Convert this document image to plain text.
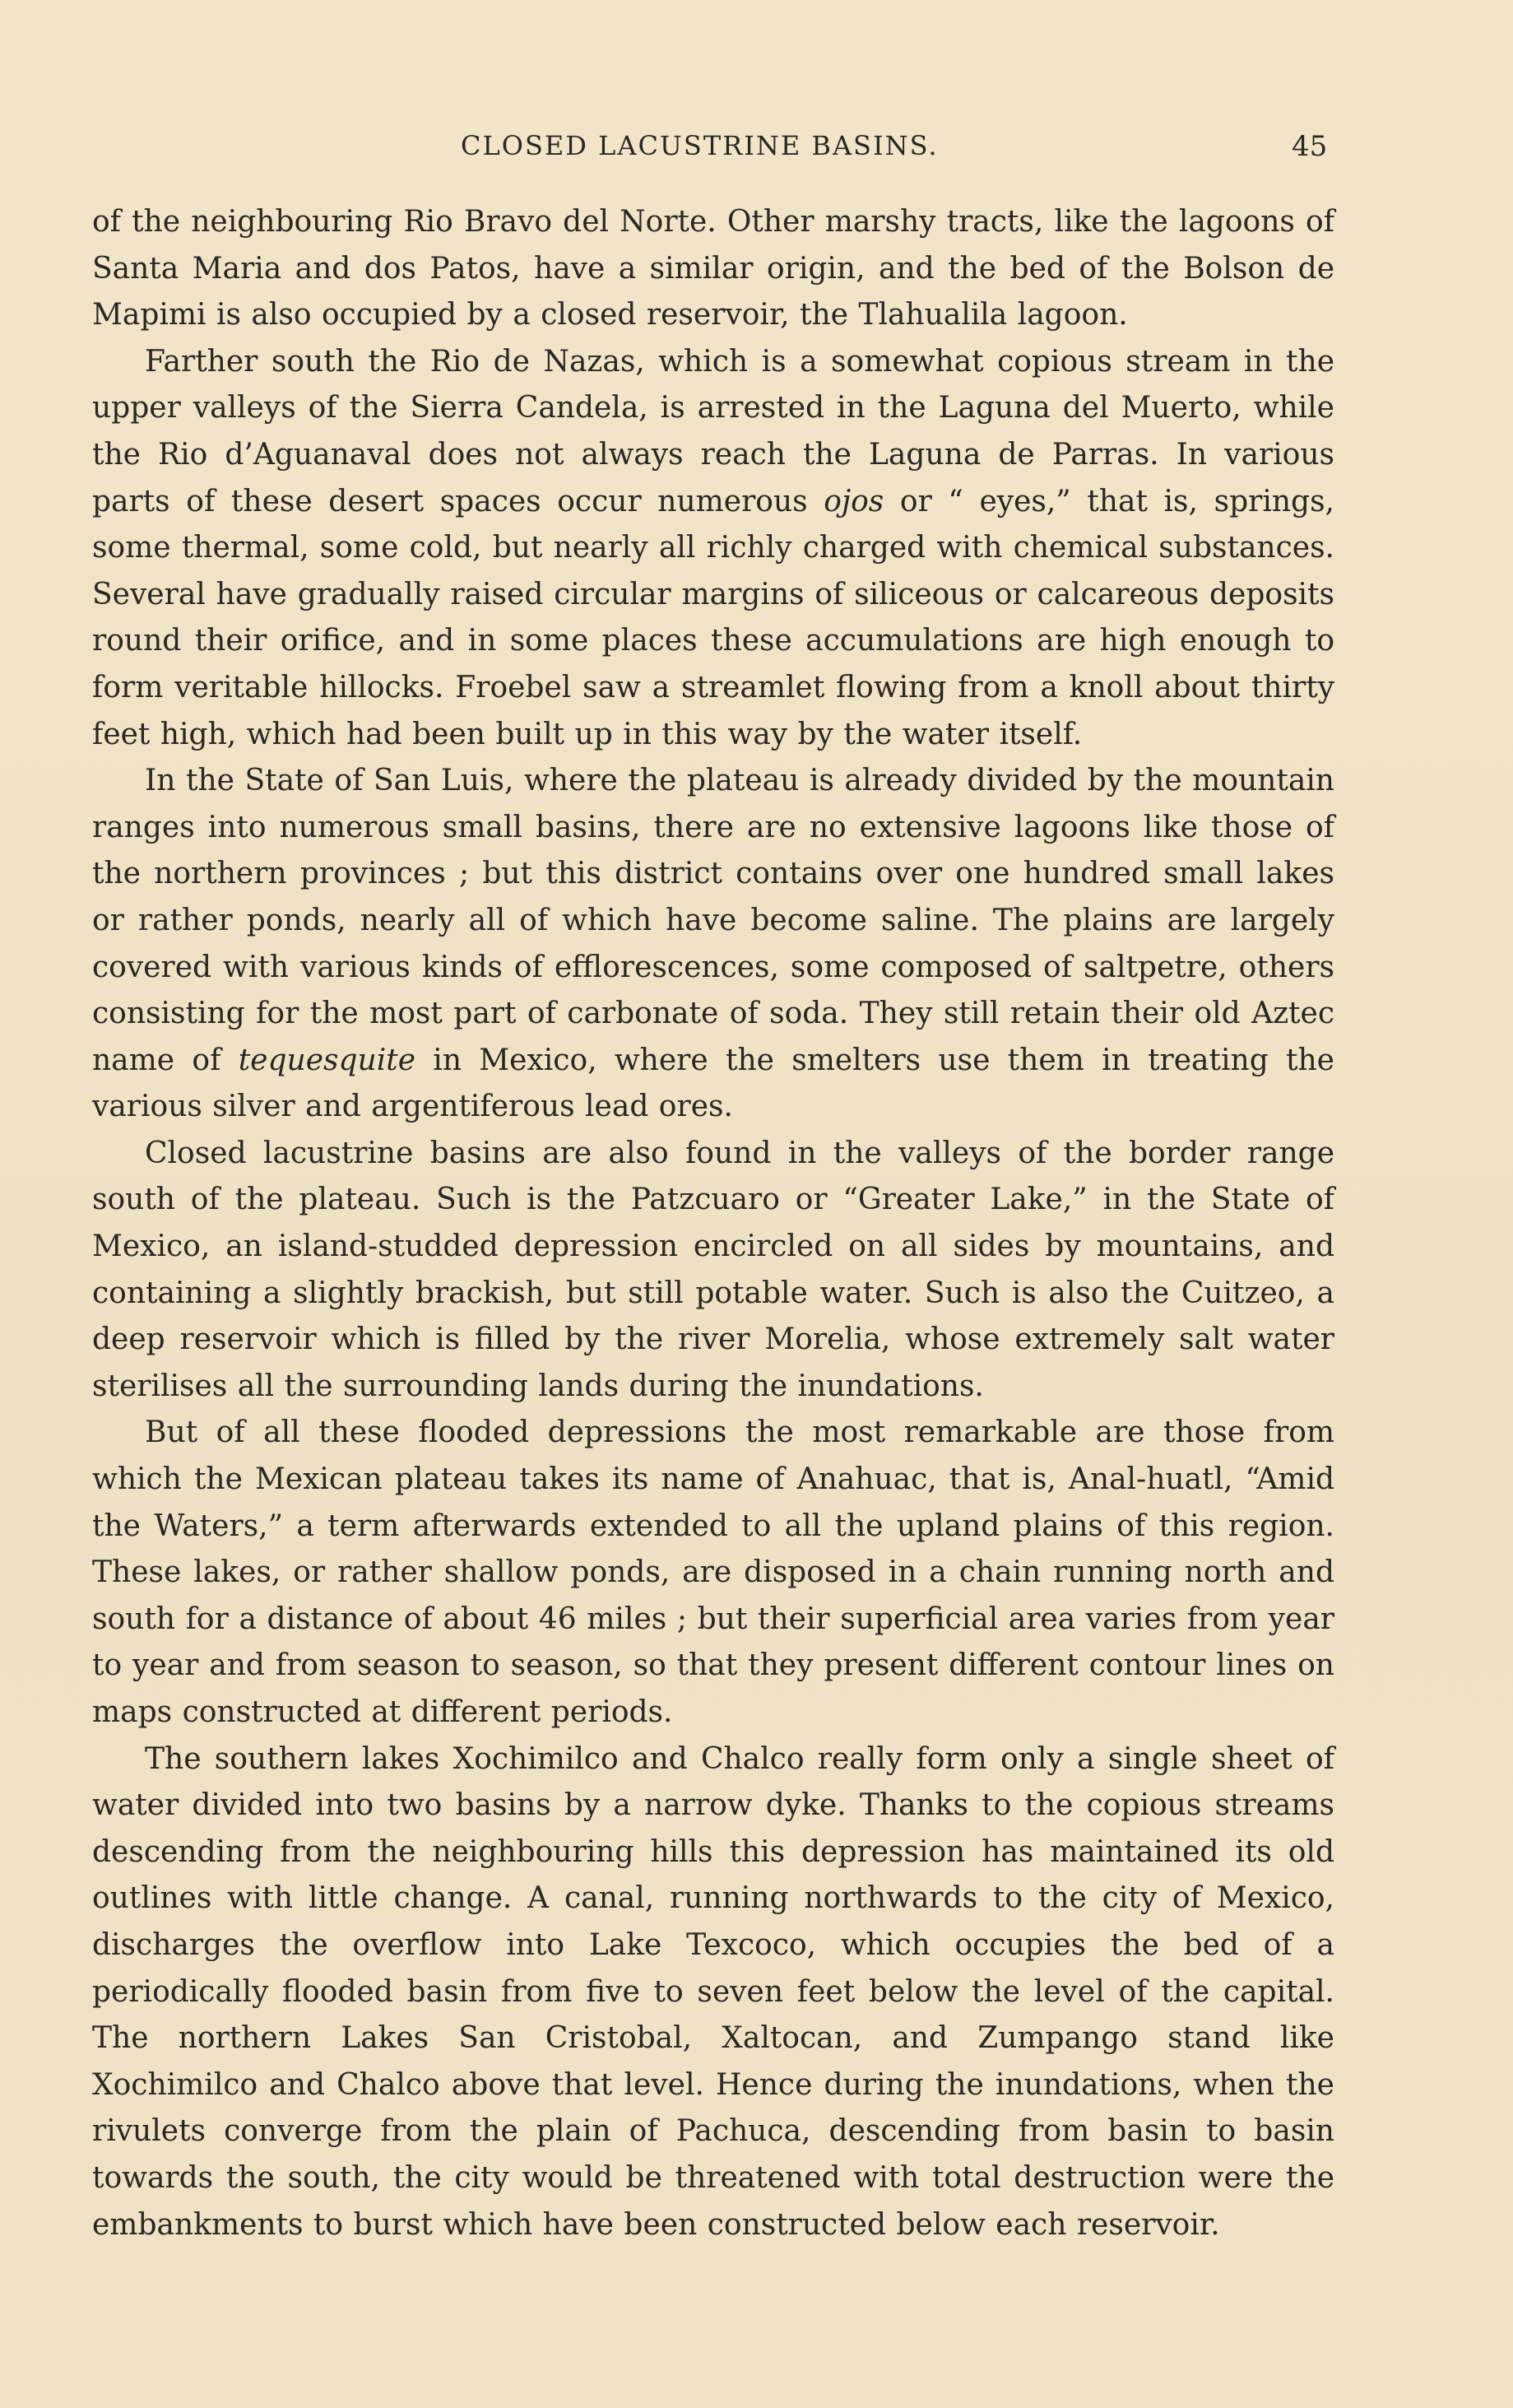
CLOSED LACUSTRINE BASINS.	45

of the neighbouring Rio Bravo del Norte. Other marshy tracts, like the lagoons of Santa Maria and dos Patos, have a similar origin, and the bed of the Bolson de Mapimi is also occupied by a closed reservoir, the Tlahualila lagoon.

Farther south the Rio de Nazas, which is a somewhat copious stream in the upper valleys of the Sierra Candela, is arrested in the Laguna del Muerto, while the Rio d’Aguanaval does not always reach the Laguna de Parras. In various parts of these desert spaces occur numerous ojos or “ eyes,” that is, springs, some thermal, some cold, but nearly all richly charged with chemical substances. Several have gradually raised circular margins of siliceous or calcareous deposits round their orifice, and in some places these accumulations are high enough to form veritable hillocks. Froebel saw a streamlet flowing from a knoll about thirty feet high, which had been built up in this way by the water itself.

In the State of San Luis, where the plateau is already divided by the mountain ranges into numerous small basins, there are no extensive lagoons like those of the northern provinces ; but this district contains over one hundred small lakes or rather ponds, nearly all of which have become saline. The plains are largely covered with various kinds of efflorescences, some composed of saltpetre, others consisting for the most part of carbonate of soda. They still retain their old Aztec name of tequesquite in Mexico, where the smelters use them in treating the various silver and argentiferous lead ores.

Closed lacustrine basins are also found in the valleys of the border range south of the plateau. Such is the Patzcuaro or “Greater Lake,” in the State of Mexico, an island-studded depression encircled on all sides by mountains, and containing a slightly brackish, but still potable water. Such is also the Cuitzeo, a deep reservoir which is filled by the river Morelia, whose extremely salt water sterilises all the surrounding lands during the inundations.

But of all these flooded depressions the most remarkable are those from which the Mexican plateau takes its name of Anahuac, that is, Anal-huatl, “Amid the Waters,” a term afterwards extended to all the upland plains of this region. These lakes, or rather shallow ponds, are disposed in a chain running north and south for a distance of about 46 miles ; but their superficial area varies from year to year and from season to season, so that they present different contour lines on maps constructed at different periods.

The southern lakes Xochimilco and Chalco really form only a single sheet of water divided into two basins by a narrow dyke. Thanks to the copious streams descending from the neighbouring hills this depression has maintained its old outlines with little change. A canal, running northwards to the city of Mexico, discharges the overflow into Lake Texcoco, which occupies the bed of a periodically flooded basin from five to seven feet below the level of the capital. The northern Lakes San Cristobal, Xaltocan, and Zumpango stand like Xochimilco and Chalco above that level. Hence during the inundations, when the rivulets converge from the plain of Pachuca, descending from basin to basin towards the south, the city would be threatened with total destruction were the embankments to burst which have been constructed below each reservoir.
